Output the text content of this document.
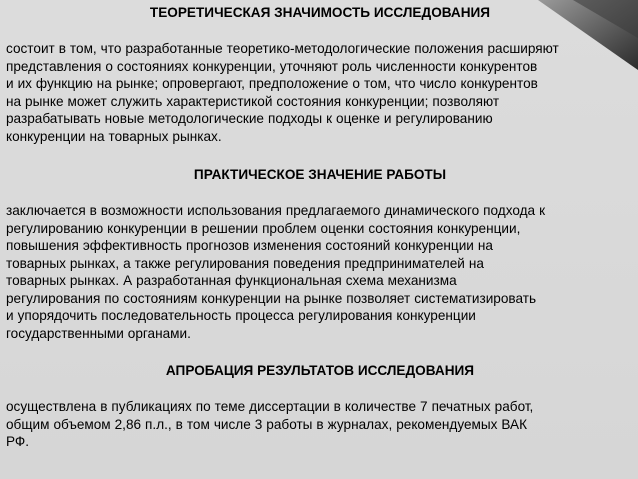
ТЕОРЕТИЧЕСКАЯ ЗНАЧИМОСТЬ ИССЛЕДОВАНИЯ
состоит в том, что разработанные теоретико-методологические положения расширяют
представления о состояниях конкуренции, уточняют роль численности конкурентов
и их функцию на рынке; опровергают, предположение о том, что число конкурентов
на рынке может служить характеристикой состояния конкуренции; позволяют
разрабатывать новые методологические подходы к оценке и регулированию
конкуренции на товарных рынках.
ПРАКТИЧЕСКОЕ ЗНАЧЕНИЕ РАБОТЫ
заключается в возможности использования предлагаемого динамического подхода к
регулированию конкуренции в решении проблем оценки состояния конкуренции,
повышения эффективность прогнозов изменения состояний конкуренции на
товарных рынках, а также регулирования поведения предпринимателей на
товарных рынках. А разработанная функциональная схема механизма
регулирования по состояниям конкуренции на рынке позволяет систематизировать
и упорядочить последовательность процесса регулирования конкуренции
государственными органами.
АПРОБАЦИЯ РЕЗУЛЬТАТОВ ИССЛЕДОВАНИЯ
осуществлена в публикациях по теме диссертации в количестве 7 печатных работ,
общим объемом 2,86 п.л., в том числе 3 работы в журналах, рекомендуемых ВАК
РФ.
